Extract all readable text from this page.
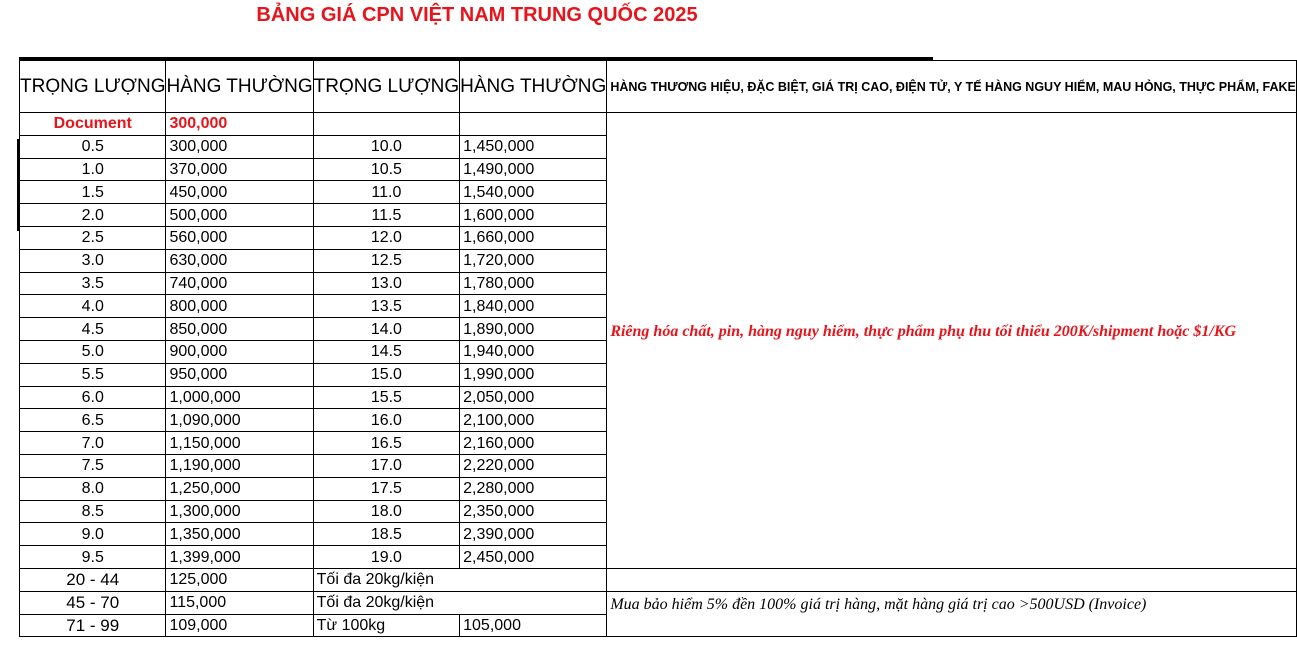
BẢNG GIÁ CPN VIỆT NAM TRUNG QUỐC 2025
TRỌNG LƯỢNG	HÀNG THƯỜNG	TRỌNG LƯỢNG	HÀNG THƯỜNG	HÀNG THƯƠNG HIỆU, ĐẶC BIỆT, GIÁ TRỊ CAO, ĐIỆN TỬ, Y TẾ HÀNG NGUY HIỂM, MAU HỎNG, THỰC PHẨM, FAKE
Document	300,000			Riêng hóa chất, pin, hàng nguy hiểm, thực phẩm phụ thu tối thiểu 200K/shipment hoặc $1/KG
0.5	300,000	10.0	1,450,000	
1.0	370,000	10.5	1,490,000	
1.5	450,000	11.0	1,540,000	
2.0	500,000	11.5	1,600,000	
2.5	560,000	12.0	1,660,000	
3.0	630,000	12.5	1,720,000	
3.5	740,000	13.0	1,780,000	
4.0	800,000	13.5	1,840,000	
4.5	850,000	14.0	1,890,000	
5.0	900,000	14.5	1,940,000	
5.5	950,000	15.0	1,990,000	
6.0	1,000,000	15.5	2,050,000	
6.5	1,090,000	16.0	2,100,000	
7.0	1,150,000	16.5	2,160,000	
7.5	1,190,000	17.0	2,220,000	
8.0	1,250,000	17.5	2,280,000	
8.5	1,300,000	18.0	2,350,000	
9.0	1,350,000	18.5	2,390,000	
9.5	1,399,000	19.0	2,450,000	
20 - 44	125,000	Tối đa 20kg/kiện		
45 - 70	115,000	Tối đa 20kg/kiện		Mua bảo hiểm 5% đền 100% giá trị hàng, mặt hàng giá trị cao >500USD (Invoice)
71 - 99	109,000	Từ 100kg	105,000	
